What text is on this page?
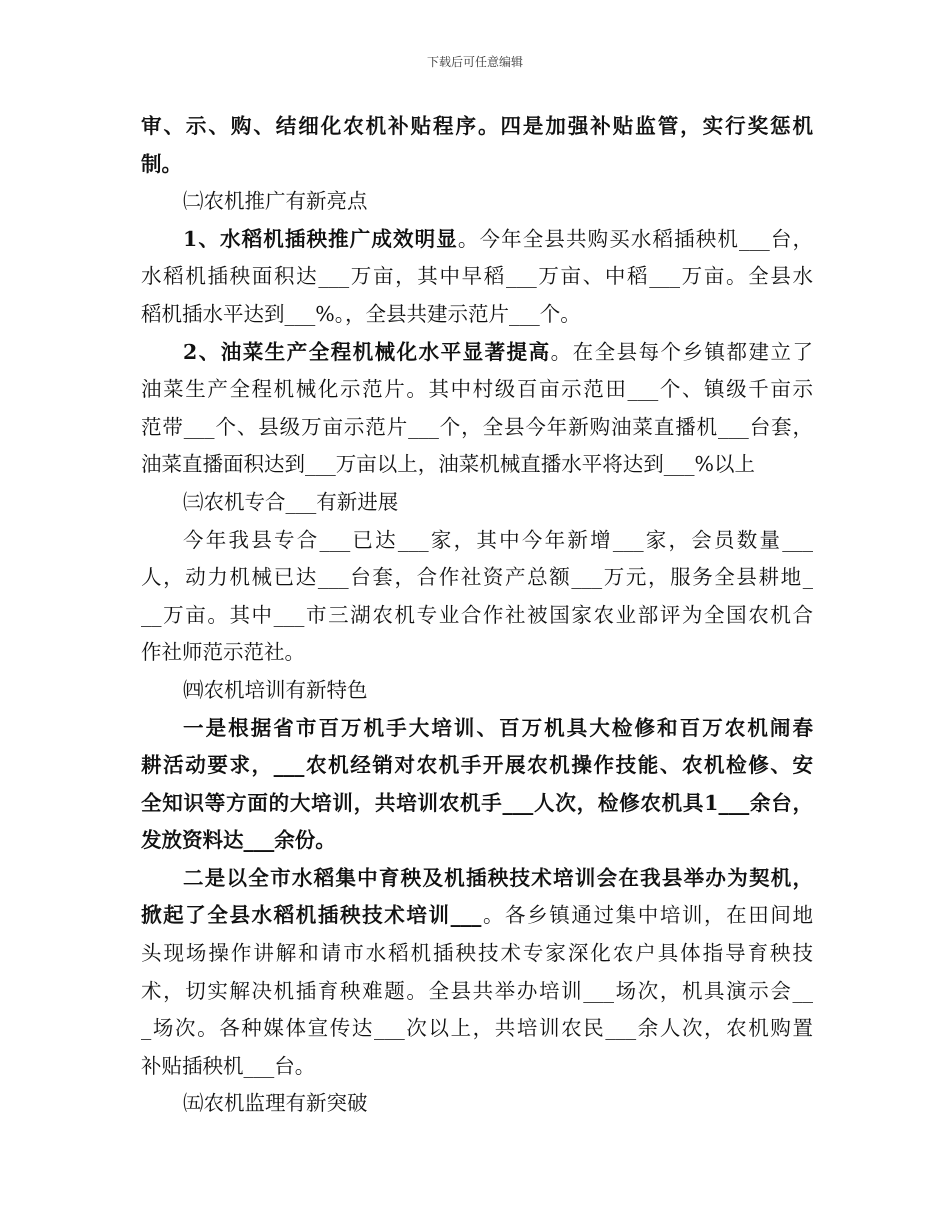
下载后可任意编辑
审、示、购、结细化农机补贴程序。四是加强补贴监管，实行奖惩机
制。
㈡农机推广有新亮点
1、水稻机插秧推广成效明显。今年全县共购买水稻插秧机___台，
水稻机插秧面积达___万亩，其中早稻___万亩、中稻___万亩。全县水
稻机插水平达到___%。，全县共建示范片___个。
2、油菜生产全程机械化水平显著提高。在全县每个乡镇都建立了
油菜生产全程机械化示范片。其中村级百亩示范田___个、镇级千亩示
范带___个、县级万亩示范片___个，全县今年新购油菜直播机___台套，
油菜直播面积达到___万亩以上，油菜机械直播水平将达到___%以上
㈢农机专合___有新进展
今年我县专合___已达___家，其中今年新增___家，会员数量___
人，动力机械已达___台套，合作社资产总额___万元，服务全县耕地_
__万亩。其中___市三湖农机专业合作社被国家农业部评为全国农机合
作社师范示范社。
㈣农机培训有新特色
一是根据省市百万机手大培训、百万机具大检修和百万农机闹春
耕活动要求，___农机经销对农机手开展农机操作技能、农机检修、安
全知识等方面的大培训，共培训农机手___人次，检修农机具1___余台，
发放资料达___余份。
二是以全市水稻集中育秧及机插秧技术培训会在我县举办为契机，
掀起了全县水稻机插秧技术培训___。各乡镇通过集中培训，在田间地
头现场操作讲解和请市水稻机插秧技术专家深化农户具体指导育秧技
术，切实解决机插育秧难题。全县共举办培训___场次，机具演示会__
_场次。各种媒体宣传达___次以上，共培训农民___余人次，农机购置
补贴插秧机___台。
㈤农机监理有新突破
